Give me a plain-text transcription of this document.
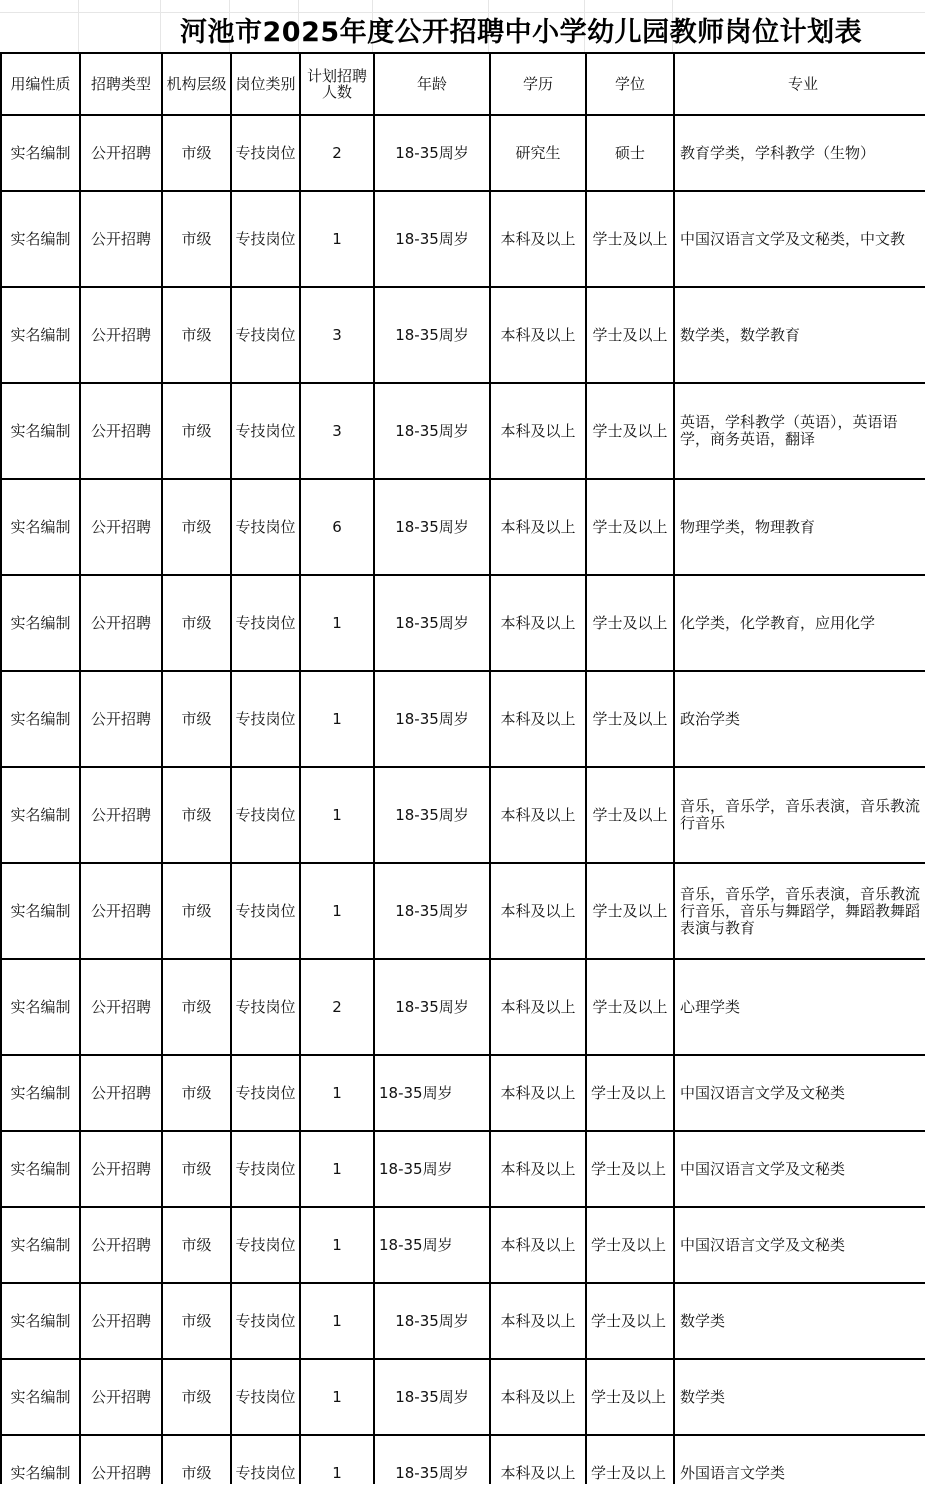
河池市2025年度公开招聘中小学幼儿园教师岗位计划表
用编性质	招聘类型	机构层级	岗位类别	计划招聘人数	年龄	学历	学位	专业
实名编制	公开招聘	市级	专技岗位	2	18-35周岁	研究生	硕士	教育学类，学科教学（生物）
实名编制	公开招聘	市级	专技岗位	1	18-35周岁	本科及以上	学士及以上	中国汉语言文学及文秘类，中文教
实名编制	公开招聘	市级	专技岗位	3	18-35周岁	本科及以上	学士及以上	数学类，数学教育
实名编制	公开招聘	市级	专技岗位	3	18-35周岁	本科及以上	学士及以上	英语，学科教学（英语），英语语学，商务英语，翻译
实名编制	公开招聘	市级	专技岗位	6	18-35周岁	本科及以上	学士及以上	物理学类，物理教育
实名编制	公开招聘	市级	专技岗位	1	18-35周岁	本科及以上	学士及以上	化学类，化学教育，应用化学
实名编制	公开招聘	市级	专技岗位	1	18-35周岁	本科及以上	学士及以上	政治学类
实名编制	公开招聘	市级	专技岗位	1	18-35周岁	本科及以上	学士及以上	音乐，音乐学，音乐表演，音乐教流行音乐
实名编制	公开招聘	市级	专技岗位	1	18-35周岁	本科及以上	学士及以上	音乐，音乐学，音乐表演，音乐教流行音乐，音乐与舞蹈学，舞蹈教舞蹈表演与教育
实名编制	公开招聘	市级	专技岗位	2	18-35周岁	本科及以上	学士及以上	心理学类
实名编制	公开招聘	市级	专技岗位	1	18-35周岁	本科及以上	学士及以上	中国汉语言文学及文秘类
实名编制	公开招聘	市级	专技岗位	1	18-35周岁	本科及以上	学士及以上	中国汉语言文学及文秘类
实名编制	公开招聘	市级	专技岗位	1	18-35周岁	本科及以上	学士及以上	中国汉语言文学及文秘类
实名编制	公开招聘	市级	专技岗位	1	18-35周岁	本科及以上	学士及以上	数学类
实名编制	公开招聘	市级	专技岗位	1	18-35周岁	本科及以上	学士及以上	数学类
实名编制	公开招聘	市级	专技岗位	1	18-35周岁	本科及以上	学士及以上	外国语言文学类
